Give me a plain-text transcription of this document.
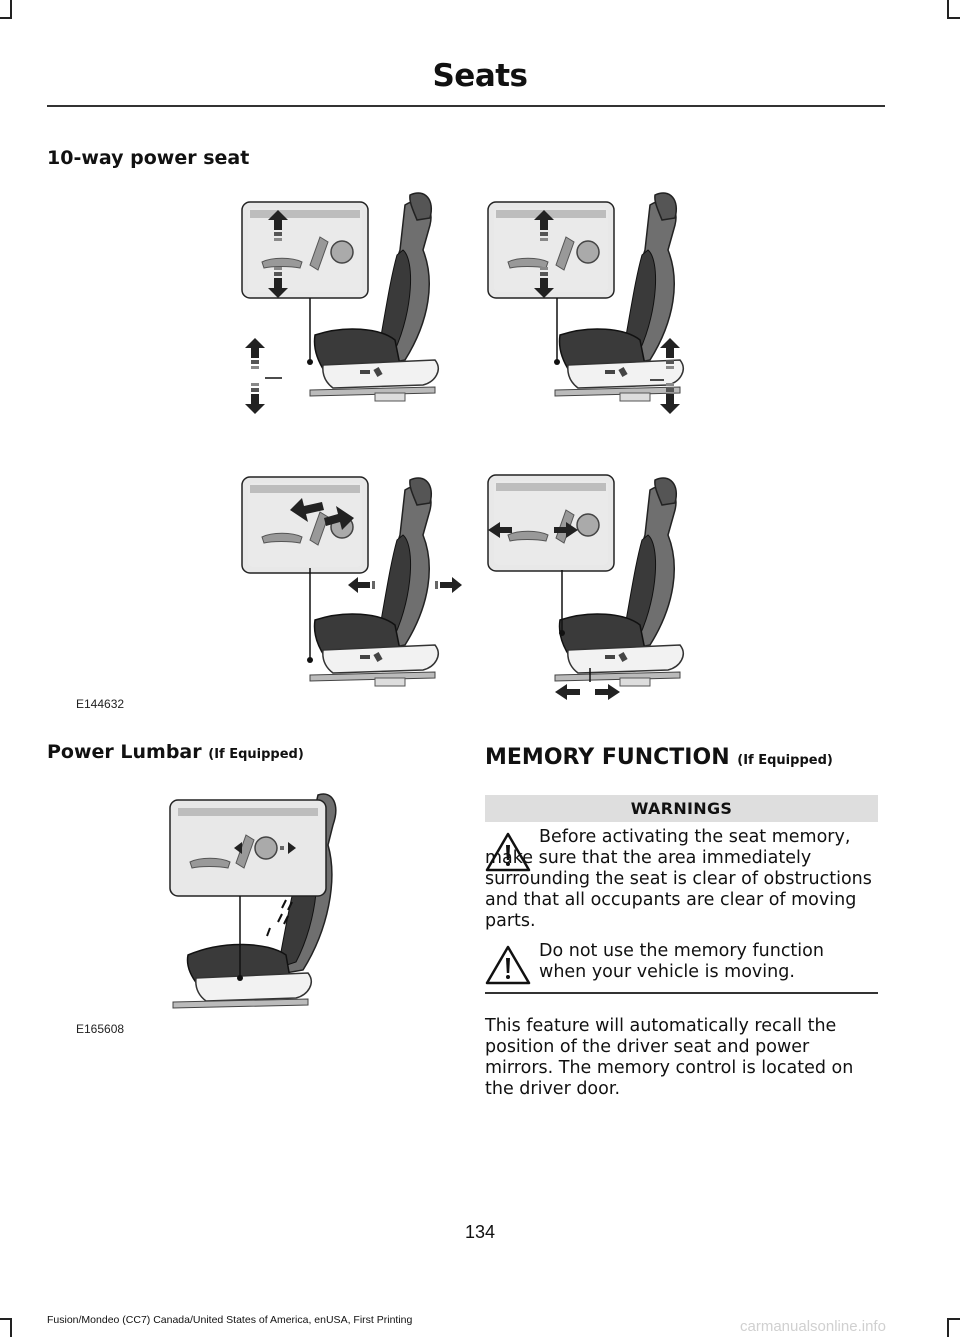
Seats
10-way power seat
E144632
Power Lumbar (If Equipped)
E165608
MEMORY FUNCTION (If Equipped)
WARNINGS
Before activating the seat memory, make sure that the area immediately surrounding the seat is clear of obstructions and that all occupants are clear of moving parts.
Do not use the memory function when your vehicle is moving.
This feature will automatically recall the position of the driver seat and power mirrors. The memory control is located on the driver door.
134
Fusion/Mondeo (CC7) Canada/United States of America, enUSA, First Printing	carmanualsonline.info
